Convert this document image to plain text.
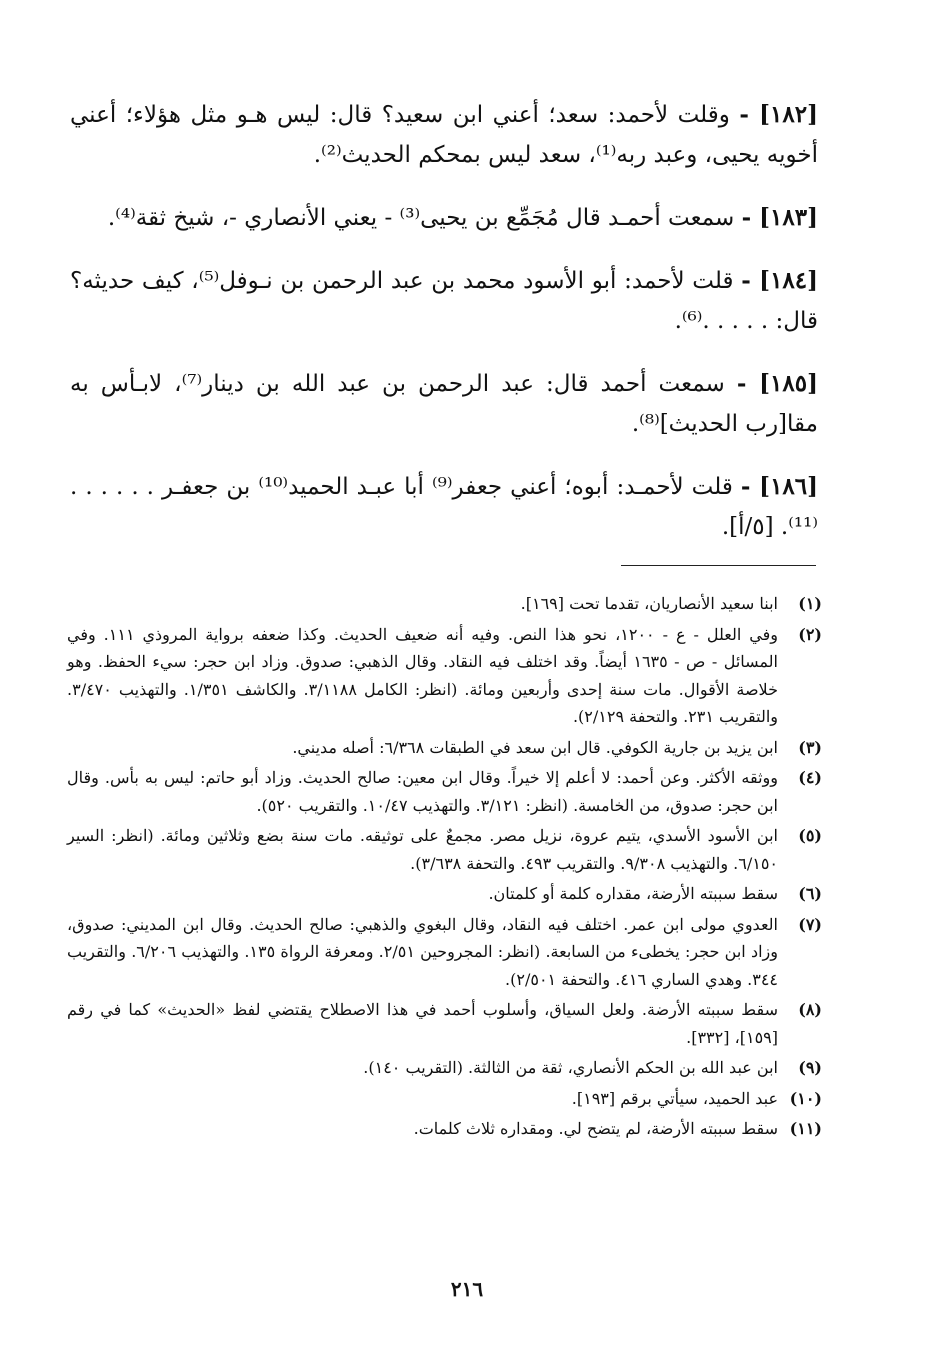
[١٨٢] - وقلت لأحمد: سعد؛ أعني ابن سعيد؟ قال: ليس هـو مثل هؤلاء؛ أعني أخويه يحيى، وعبد ربه⁽¹⁾، سعد ليس بمحكم الحديث⁽²⁾.

[١٨٣] - سمعت أحمـد قال مُجَمِّع بن يحيى⁽³⁾ - يعني الأنصاري -، شيخ ثقة⁽⁴⁾.

[١٨٤] - قلت لأحمد: أبو الأسود محمد بن عبد الرحمن بن نـوفل⁽⁵⁾، كيف حديثه؟ قال: . . . . .⁽⁶⁾.

[١٨٥] - سمعت أحمد قال: عبد الرحمن بن عبد الله بن دينار⁽⁷⁾، لابـأس به مقا[رب الحديث]⁽⁸⁾.

[١٨٦] - قلت لأحمـد: أبوه؛ أعني جعفر⁽⁹⁾ أبا عبـد الحميد⁽¹⁰⁾ بن جعفـر . . . . . .⁽¹¹⁾. [٥/أ].

(١)
ابنا سعيد الأنصاريان، تقدما تحت [١٦٩].
(٢)
وفي العلل - ع - ١٢٠٠، نحو هذا النص. وفيه أنه ضعيف الحديث. وكذا ضعفه برواية المروذي ١١١. وفي المسائل - ص - ١٦٣٥ أيضاً. وقد اختلف فيه النقاد. وقال الذهبي: صدوق. وزاد ابن حجر: سيء الحفظ. وهو خلاصة الأقوال. مات سنة إحدى وأربعين ومائة. (انظر: الكامل ٣/١١٨٨. والكاشف ١/٣٥١. والتهذيب ٣/٤٧٠. والتقريب ٢٣١. والتحفة ٢/١٢٩).
(٣)
ابن يزيد بن جارية الكوفي. قال ابن سعد في الطبقات ٦/٣٦٨: أصله مديني.
(٤)
ووثقه الأكثر. وعن أحمد: لا أعلم إلا خيراً. وقال ابن معين: صالح الحديث. وزاد أبو حاتم: ليس به بأس. وقال ابن حجر: صدوق، من الخامسة. (انظر: ٣/١٢١. والتهذيب ١٠/٤٧. والتقريب ٥٢٠).
(٥)
ابن الأسود الأسدي، يتيم عروة، نزيل مصر. مجمعٌ على توثيقه. مات سنة بضع وثلاثين ومائة. (انظر: السير ٦/١٥٠. والتهذيب ٩/٣٠٨. والتقريب ٤٩٣. والتحفة ٣/٦٣٨).
(٦)
سقط سببته الأرضة، مقداره كلمة أو كلمتان.
(٧)
العدوي مولى ابن عمر. اختلف فيه النقاد، وقال البغوي والذهبي: صالح الحديث. وقال ابن المديني: صدوق، وزاد ابن حجر: يخطىء من السابعة. (انظر: المجروحين ٢/٥١. ومعرفة الرواة ١٣٥. والتهذيب ٦/٢٠٦. والتقريب ٣٤٤. وهدي الساري ٤١٦. والتحفة ٢/٥٠١).
(٨)
سقط سببته الأرضة. ولعل السياق، وأسلوب أحمد في هذا الاصطلاح يقتضي لفظ «الحديث» كما في رقم [١٥٩]، [٣٣٢].
(٩)
ابن عبد الله بن الحكم الأنصاري، ثقة من الثالثة. (التقريب ١٤٠).
(١٠)
عبد الحميد، سيأتي برقم [١٩٣].
(١١)
سقط سببته الأرضة، لم يتضح لي. ومقداره ثلاث كلمات.
٢١٦
